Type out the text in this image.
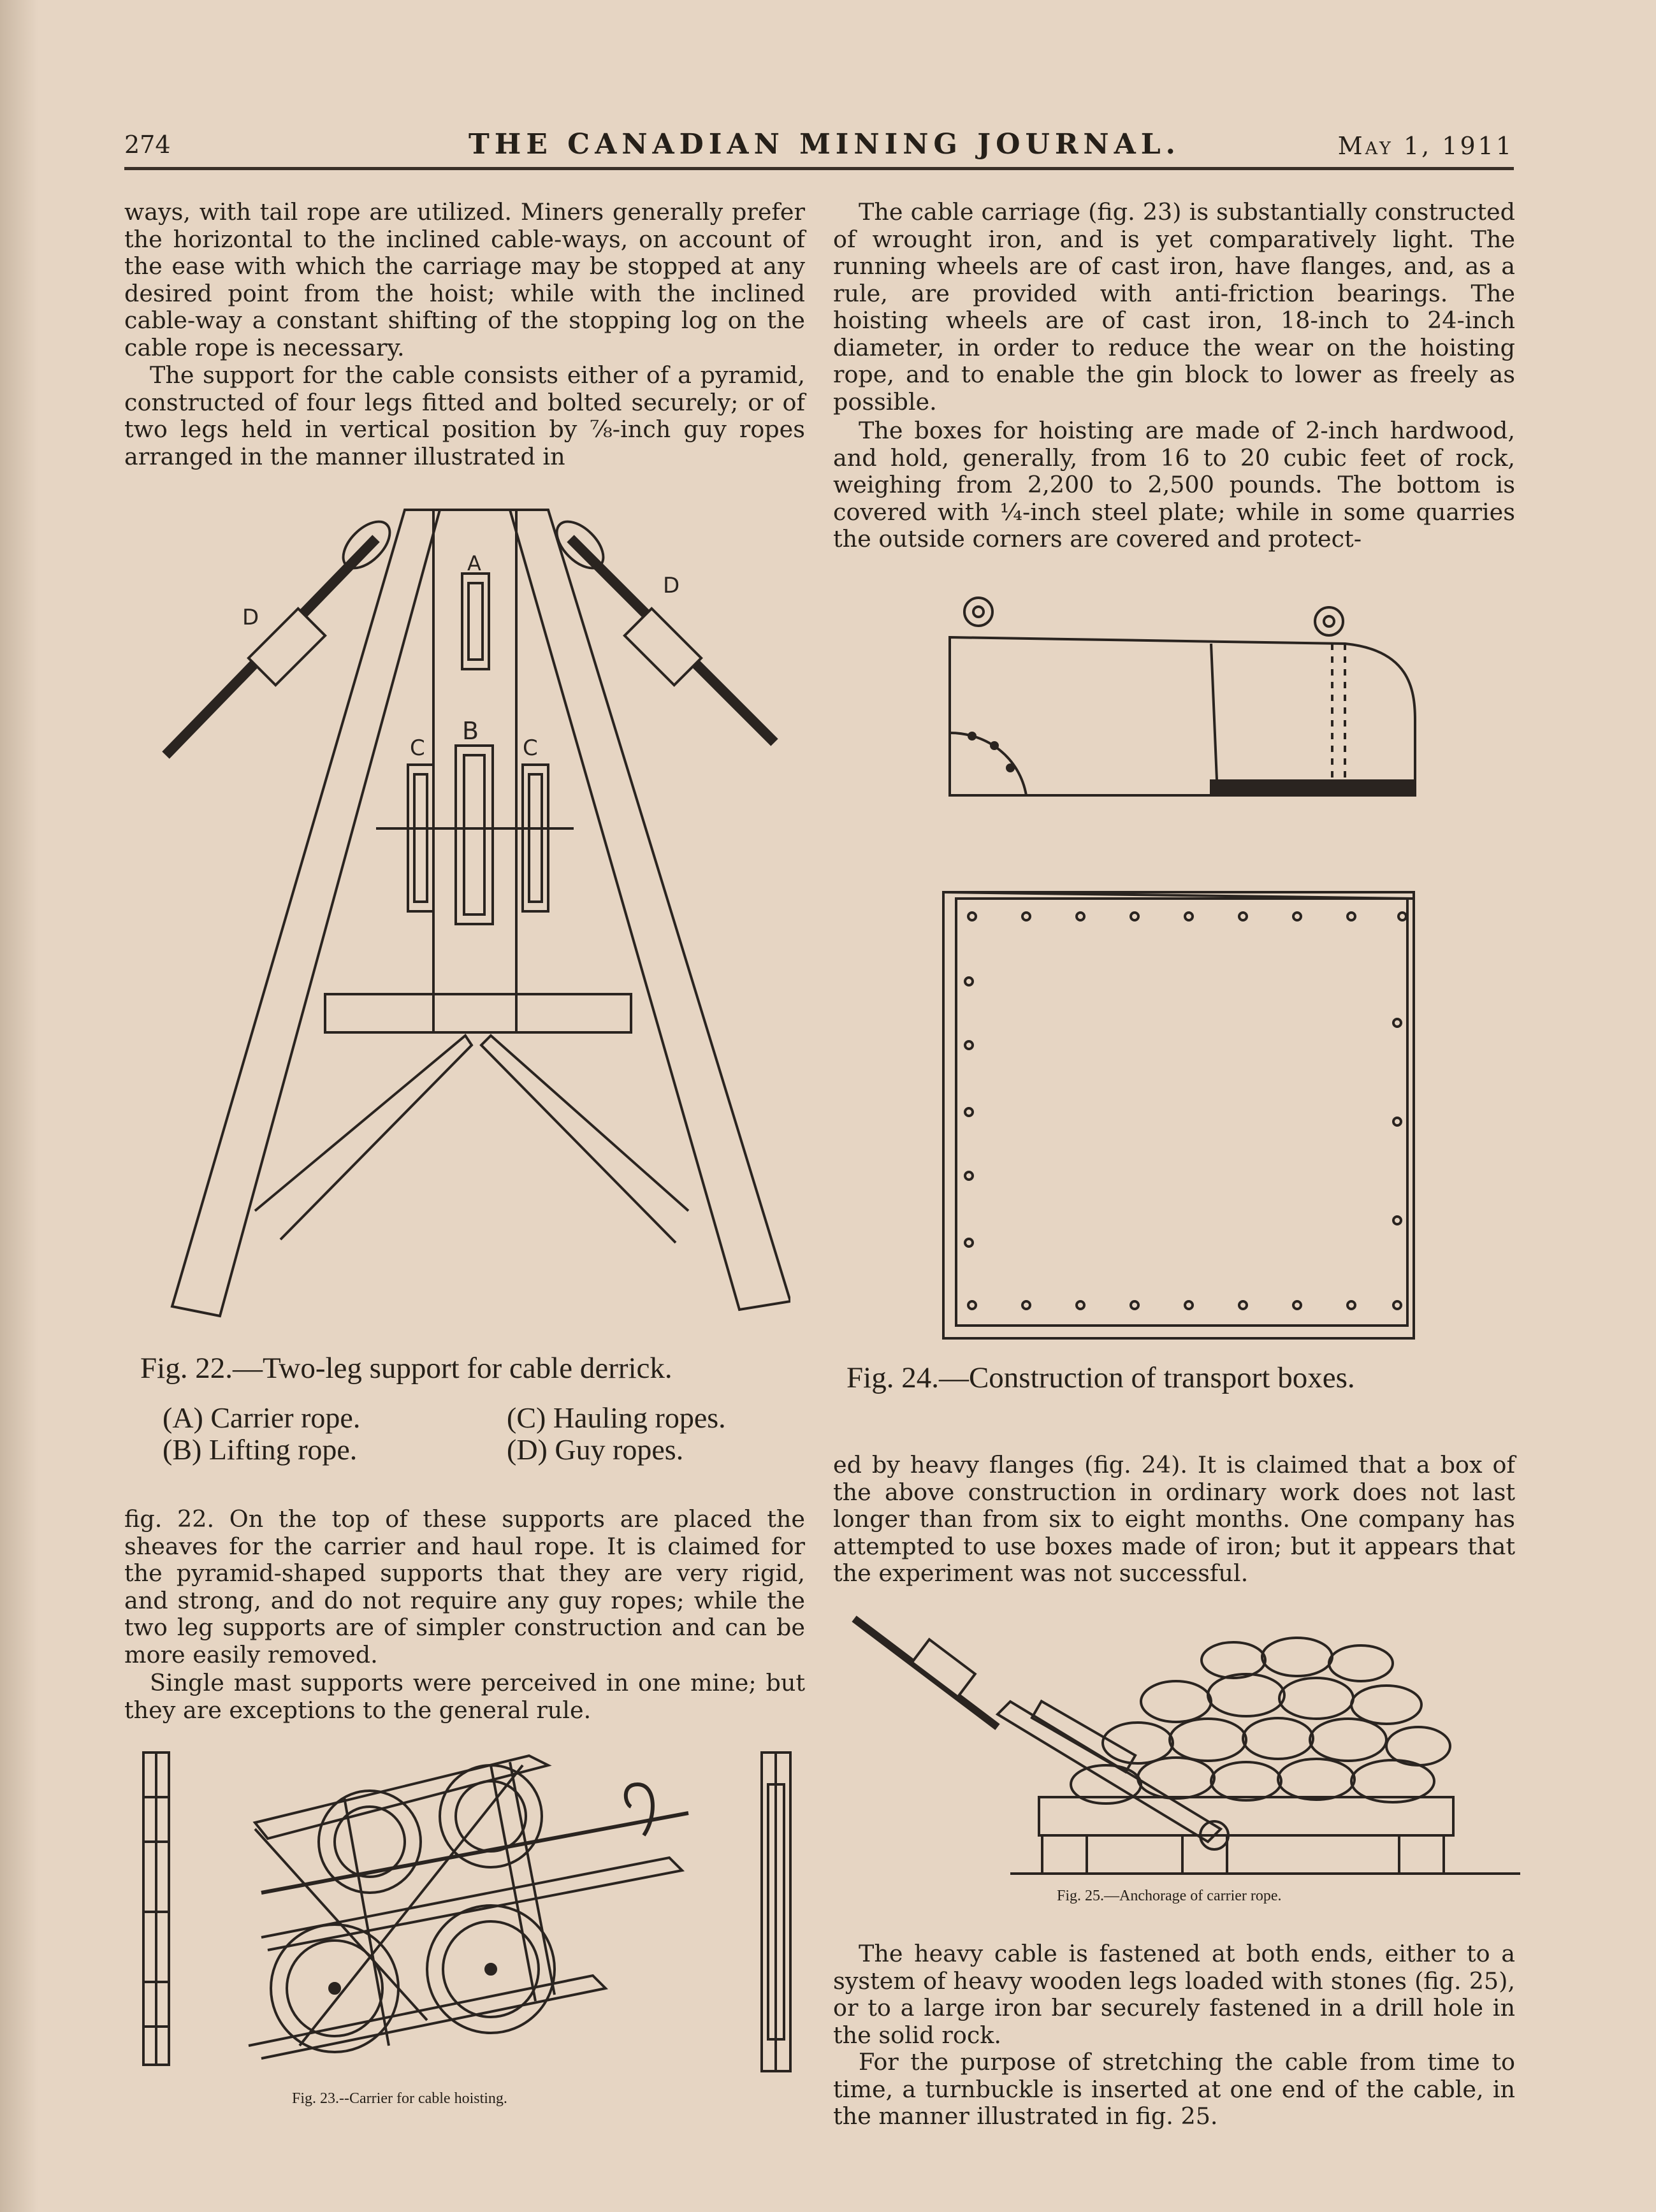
274	THE CANADIAN MINING JOURNAL.	May 1, 1911

ways, with tail rope are utilized. Miners generally prefer the horizontal to the inclined cable-ways, on account of the ease with which the carriage may be stopped at any desired point from the hoist; while with the inclined cable-way a constant shifting of the stopping log on the cable rope is necessary.

The support for the cable consists either of a pyramid, constructed of four legs fitted and bolted securely; or of two legs held in vertical position by ⅞-inch guy ropes arranged in the manner illustrated in

A
B
C	C
D
D
Fig. 22.—Two-leg support for cable derrick.
(A) Carrier rope.	(C) Hauling ropes.
(B) Lifting rope.	(D) Guy ropes.

fig. 22. On the top of these supports are placed the sheaves for the carrier and haul rope. It is claimed for the pyramid-shaped supports that they are very rigid, and strong, and do not require any guy ropes; while the two leg supports are of simpler construction and can be more easily removed.

Single mast supports were perceived in one mine; but they are exceptions to the general rule.

Fig. 23.--Carrier for cable hoisting.

The cable carriage (fig. 23) is substantially constructed of wrought iron, and is yet comparatively light. The running wheels are of cast iron, have flanges, and, as a rule, are provided with anti-friction bearings. The hoisting wheels are of cast iron, 18-inch to 24-inch diameter, in order to reduce the wear on the hoisting rope, and to enable the gin block to lower as freely as possible.

The boxes for hoisting are made of 2-inch hardwood, and hold, generally, from 16 to 20 cubic feet of rock, weighing from 2,200 to 2,500 pounds. The bottom is covered with ¼-inch steel plate; while in some quarries the outside corners are covered and protect-

Fig. 24.—Construction of transport boxes.

ed by heavy flanges (fig. 24). It is claimed that a box of the above construction in ordinary work does not last longer than from six to eight months. One company has attempted to use boxes made of iron; but it appears that the experiment was not successful.

Fig. 25.—Anchorage of carrier rope.

The heavy cable is fastened at both ends, either to a system of heavy wooden legs loaded with stones (fig. 25), or to a large iron bar securely fastened in a drill hole in the solid rock.

For the purpose of stretching the cable from time to time, a turnbuckle is inserted at one end of the cable, in the manner illustrated in fig. 25.
